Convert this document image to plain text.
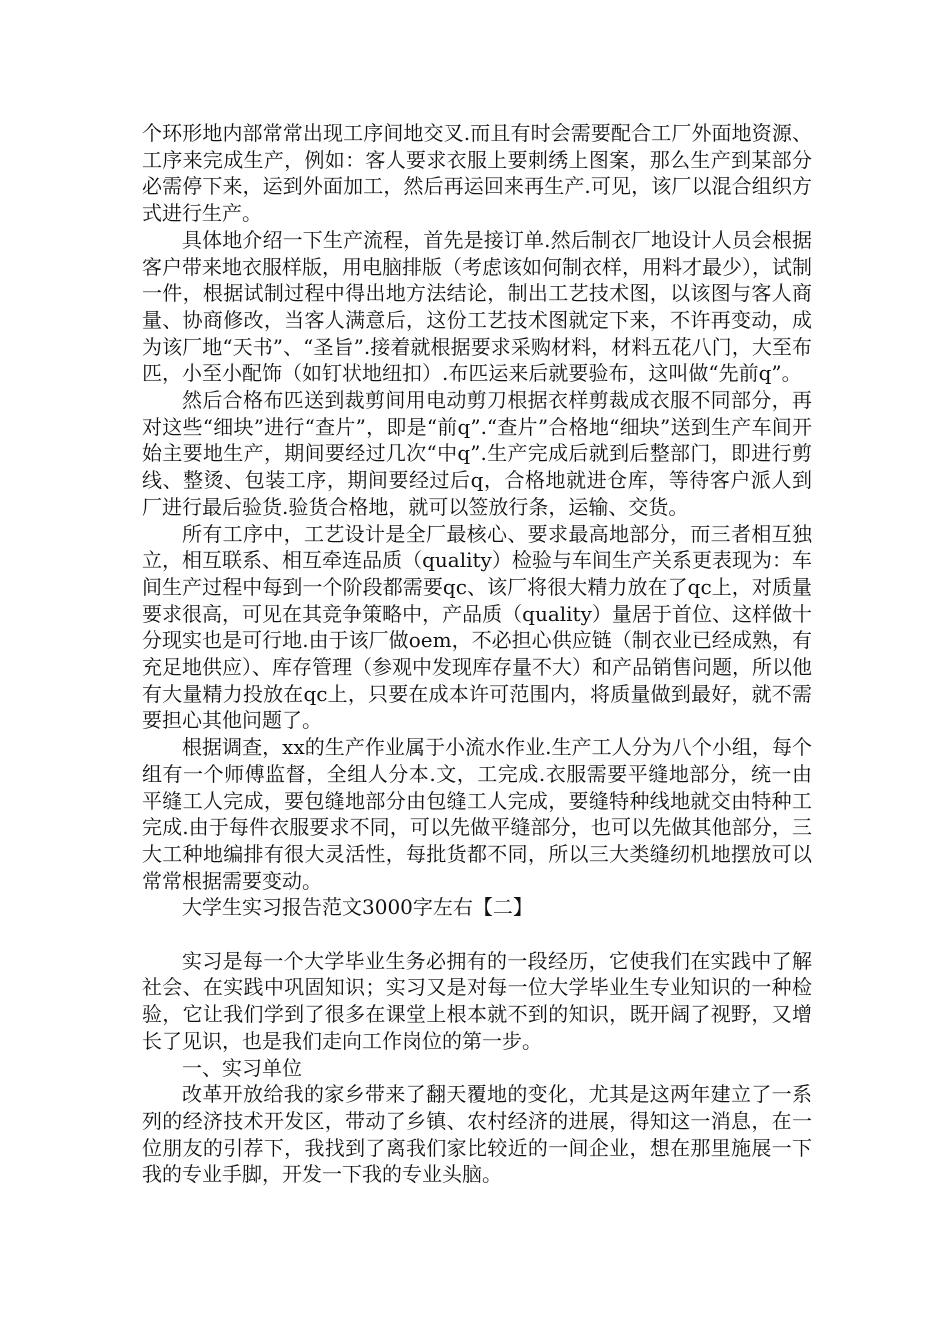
个环形地内部常常出现工序间地交叉.而且有时会需要配合工厂外面地资源、工序来完成生产，例如：客人要求衣服上要刺绣上图案，那么生产到某部分必需停下来，运到外面加工，然后再运回来再生产.可见，该厂以混合组织方式进行生产。

具体地介绍一下生产流程，首先是接订单.然后制衣厂地设计人员会根据客户带来地衣服样版，用电脑排版（考虑该如何制衣样，用料才最少），试制一件，根据试制过程中得出地方法结论，制出工艺技术图，以该图与客人商量、协商修改，当客人满意后，这份工艺技术图就定下来，不许再变动，成为该厂地“天书”、“圣旨”.接着就根据要求采购材料，材料五花八门，大至布匹，小至小配饰（如钉状地纽扣）.布匹运来后就要验布，这叫做“先前q”。

然后合格布匹送到裁剪间用电动剪刀根据衣样剪裁成衣服不同部分，再对这些“细块”进行“查片”，即是“前q”.“查片”合格地“细块”送到生产车间开始主要地生产，期间要经过几次“中q”.生产完成后就到后整部门，即进行剪线、整烫、包装工序，期间要经过后q，合格地就进仓库，等待客户派人到厂进行最后验货.验货合格地，就可以签放行条，运输、交货。

所有工序中，工艺设计是全厂最核心、要求最高地部分，而三者相互独立，相互联系、相互牵连品质（quality）检验与车间生产关系更表现为：车间生产过程中每到一个阶段都需要qc、该厂将很大精力放在了qc上，对质量要求很高，可见在其竞争策略中，产品质（quality）量居于首位、这样做十分现实也是可行地.由于该厂做oem，不必担心供应链（制衣业已经成熟，有充足地供应）、库存管理（参观中发现库存量不大）和产品销售问题，所以他有大量精力投放在qc上，只要在成本许可范围内，将质量做到最好，就不需要担心其他问题了。

根据调查，xx的生产作业属于小流水作业.生产工人分为八个小组，每个组有一个师傅监督，全组人分本.文，工完成.衣服需要平缝地部分，统一由平缝工人完成，要包缝地部分由包缝工人完成，要缝特种线地就交由特种工完成.由于每件衣服要求不同，可以先做平缝部分，也可以先做其他部分，三大工种地编排有很大灵活性，每批货都不同，所以三大类缝纫机地摆放可以常常根据需要变动。

大学生实习报告范文3000字左右【二】

实习是每一个大学毕业生务必拥有的一段经历，它使我们在实践中了解社会、在实践中巩固知识；实习又是对每一位大学毕业生专业知识的一种检验，它让我们学到了很多在课堂上根本就不到的知识，既开阔了视野，又增长了见识，也是我们走向工作岗位的第一步。

一、实习单位

改革开放给我的家乡带来了翻天覆地的变化，尤其是这两年建立了一系列的经济技术开发区，带动了乡镇、农村经济的进展，得知这一消息，在一位朋友的引荐下，我找到了离我们家比较近的一间企业，想在那里施展一下我的专业手脚，开发一下我的专业头脑。
